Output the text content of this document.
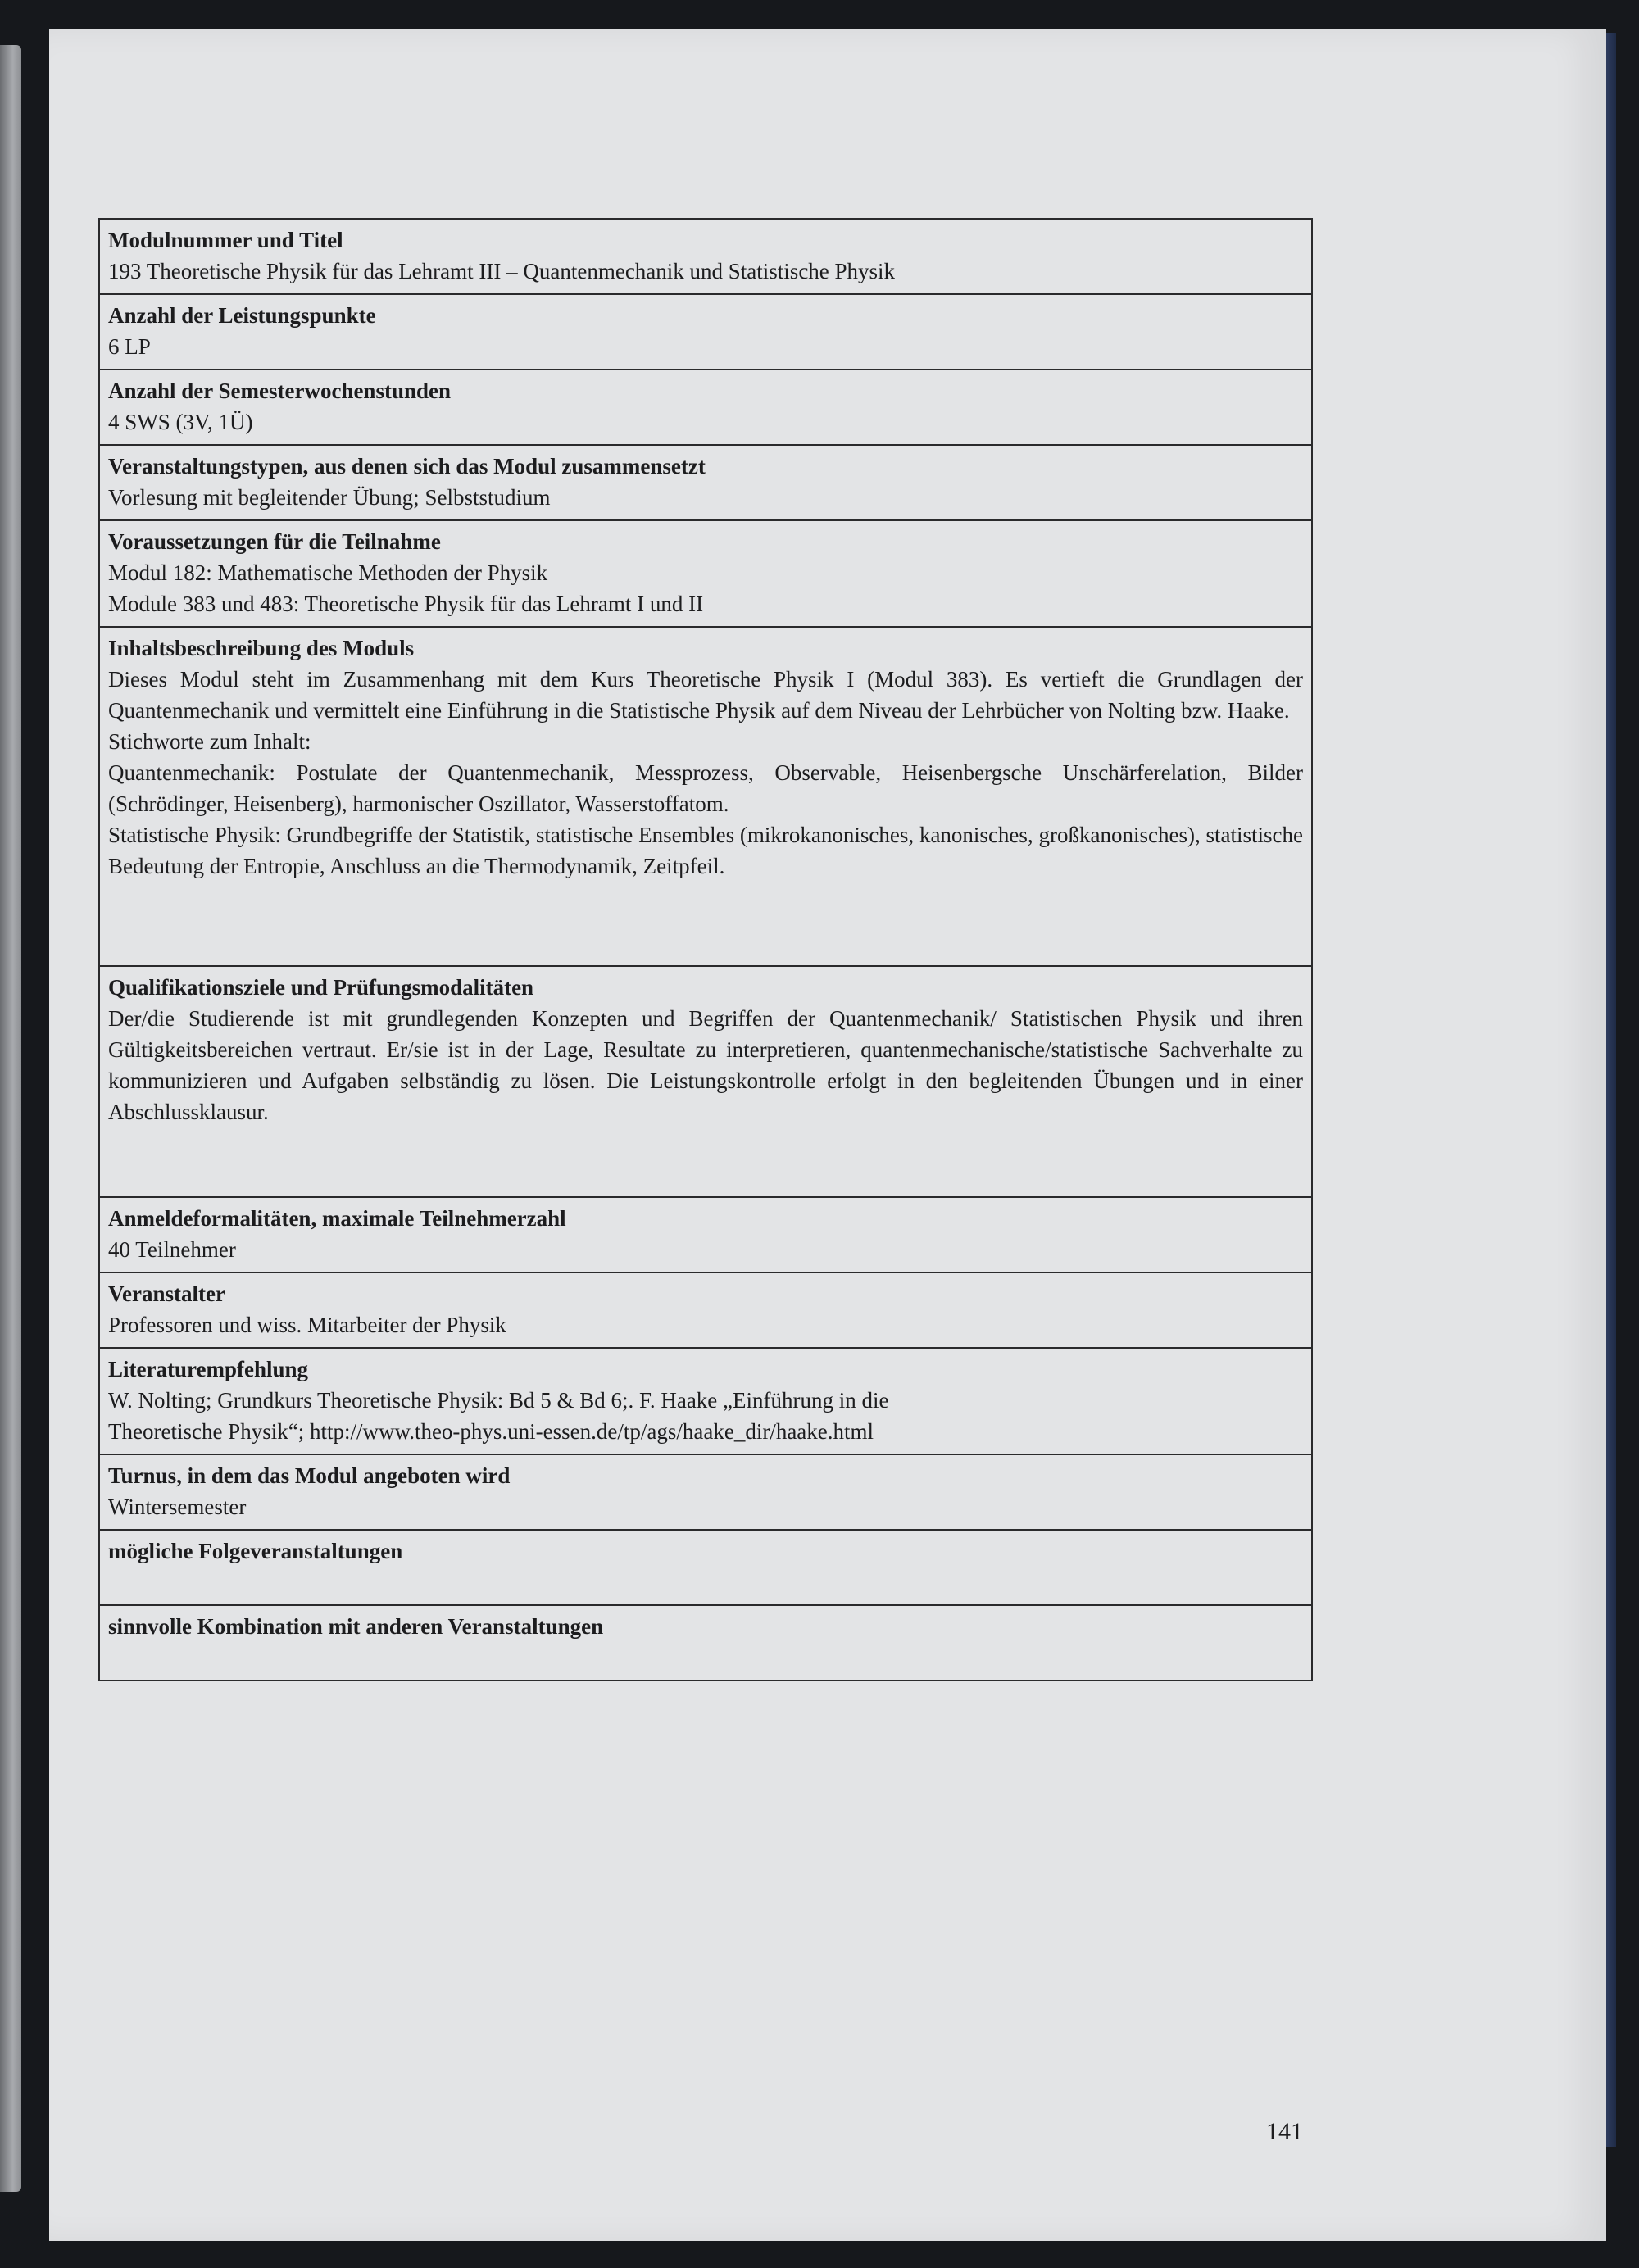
Modulnummer und Titel
193 Theoretische Physik für das Lehramt III – Quantenmechanik und Statistische Physik

Anzahl der Leistungspunkte
6 LP

Anzahl der Semesterwochenstunden
4 SWS (3V, 1Ü)

Veranstaltungstypen, aus denen sich das Modul zusammensetzt
Vorlesung mit begleitender Übung; Selbststudium

Voraussetzungen für die Teilnahme
Modul 182: Mathematische Methoden der Physik
Module 383 und 483: Theoretische Physik für das Lehramt I und II

Inhaltsbeschreibung des Moduls
Dieses Modul steht im Zusammenhang mit dem Kurs Theoretische Physik I (Modul 383). Es vertieft die Grundlagen der Quantenmechanik und vermittelt eine Einführung in die Statistische Physik auf dem Niveau der Lehrbücher von Nolting bzw. Haake.
Stichworte zum Inhalt:
Quantenmechanik: Postulate der Quantenmechanik, Messprozess, Observable, Heisenbergsche Unschärferelation, Bilder (Schrödinger, Heisenberg), harmonischer Oszillator, Wasserstoffatom.
Statistische Physik: Grundbegriffe der Statistik, statistische Ensembles (mikrokanonisches, kanonisches, großkanonisches), statistische Bedeutung der Entropie, Anschluss an die Thermodynamik, Zeitpfeil.

Qualifikationsziele und Prüfungsmodalitäten
Der/die Studierende ist mit grundlegenden Konzepten und Begriffen der Quantenmechanik/ Statistischen Physik und ihren Gültigkeitsbereichen vertraut. Er/sie ist in der Lage, Resultate zu interpretieren, quantenmechanische/statistische Sachverhalte zu kommunizieren und Aufgaben selbständig zu lösen. Die Leistungskontrolle erfolgt in den begleitenden Übungen und in einer Abschlussklausur.

Anmeldeformalitäten, maximale Teilnehmerzahl
40 Teilnehmer

Veranstalter
Professoren und wiss. Mitarbeiter der Physik

Literaturempfehlung
W. Nolting; Grundkurs Theoretische Physik: Bd 5 & Bd 6;. F. Haake „Einführung in die
Theoretische Physik“; http://www.theo-phys.uni-essen.de/tp/ags/haake_dir/haake.html

Turnus, in dem das Modul angeboten wird
Wintersemester

mögliche Folgeveranstaltungen

sinnvolle Kombination mit anderen Veranstaltungen
141
